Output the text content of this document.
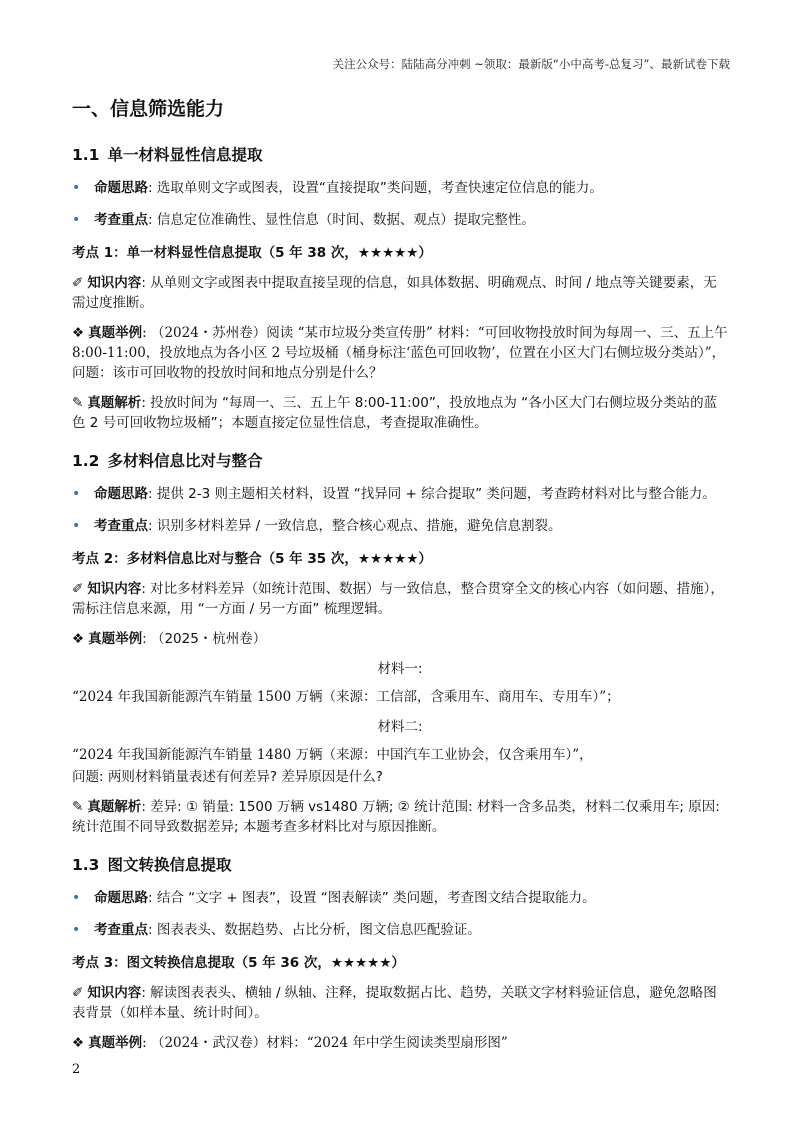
关注公众号：陆陆高分冲刺 ~领取：最新版“小中高考-总复习”、最新试卷下载
一、信息筛选能力
1.1 单一材料显性信息提取
•	命题思路: 选取单则文字或图表，设置“直接提取”类问题，考查快速定位信息的能力。
•	考查重点: 信息定位准确性、显性信息（时间、数据、观点）提取完整性。
考点 1：单一材料显性信息提取（5 年 38 次，★★★★★）
✐ 知识内容: 从单则文字或图表中提取直接呈现的信息，如具体数据、明确观点、时间 / 地点等关键要素，无需过度推断。
❖ 真题举例: （2024・苏州卷）阅读 “某市垃圾分类宣传册” 材料：“可回收物投放时间为每周一、三、五上午 8:00-11:00，投放地点为各小区 2 号垃圾桶（桶身标注‘蓝色可回收物’，位置在小区大门右侧垃圾分类站）”，问题：该市可回收物的投放时间和地点分别是什么？
✎ 真题解析: 投放时间为 “每周一、三、五上午 8:00-11:00”，投放地点为 “各小区大门右侧垃圾分类站的蓝色 2 号可回收物垃圾桶”；本题直接定位显性信息，考查提取准确性。
1.2 多材料信息比对与整合
•	命题思路: 提供 2-3 则主题相关材料，设置 “找异同 + 综合提取” 类问题，考查跨材料对比与整合能力。
•	考查重点: 识别多材料差异 / 一致信息，整合核心观点、措施，避免信息割裂。
考点 2：多材料信息比对与整合（5 年 35 次，★★★★★）
✐ 知识内容: 对比多材料差异（如统计范围、数据）与一致信息，整合贯穿全文的核心内容（如问题、措施），需标注信息来源，用 “一方面 / 另一方面” 梳理逻辑。
❖ 真题举例: （2025・杭州卷）
材料一:
“2024 年我国新能源汽车销量 1500 万辆（来源：工信部，含乘用车、商用车、专用车）”；
材料二:
“2024 年我国新能源汽车销量 1480 万辆（来源：中国汽车工业协会，仅含乘用车）”，
问题: 两则材料销量表述有何差异? 差异原因是什么?
✎ 真题解析: 差异: ① 销量: 1500 万辆 vs1480 万辆; ② 统计范围: 材料一含多品类，材料二仅乘用车; 原因: 统计范围不同导致数据差异; 本题考查多材料比对与原因推断。
1.3 图文转换信息提取
•	命题思路: 结合 “文字 + 图表”，设置 “图表解读” 类问题，考查图文结合提取能力。
•	考查重点: 图表表头、数据趋势、占比分析，图文信息匹配验证。
考点 3：图文转换信息提取（5 年 36 次，★★★★★）
✐ 知识内容: 解读图表表头、横轴 / 纵轴、注释，提取数据占比、趋势，关联文字材料验证信息，避免忽略图表背景（如样本量、统计时间）。
❖ 真题举例: （2024・武汉卷）材料：“2024 年中学生阅读类型扇形图”
2
